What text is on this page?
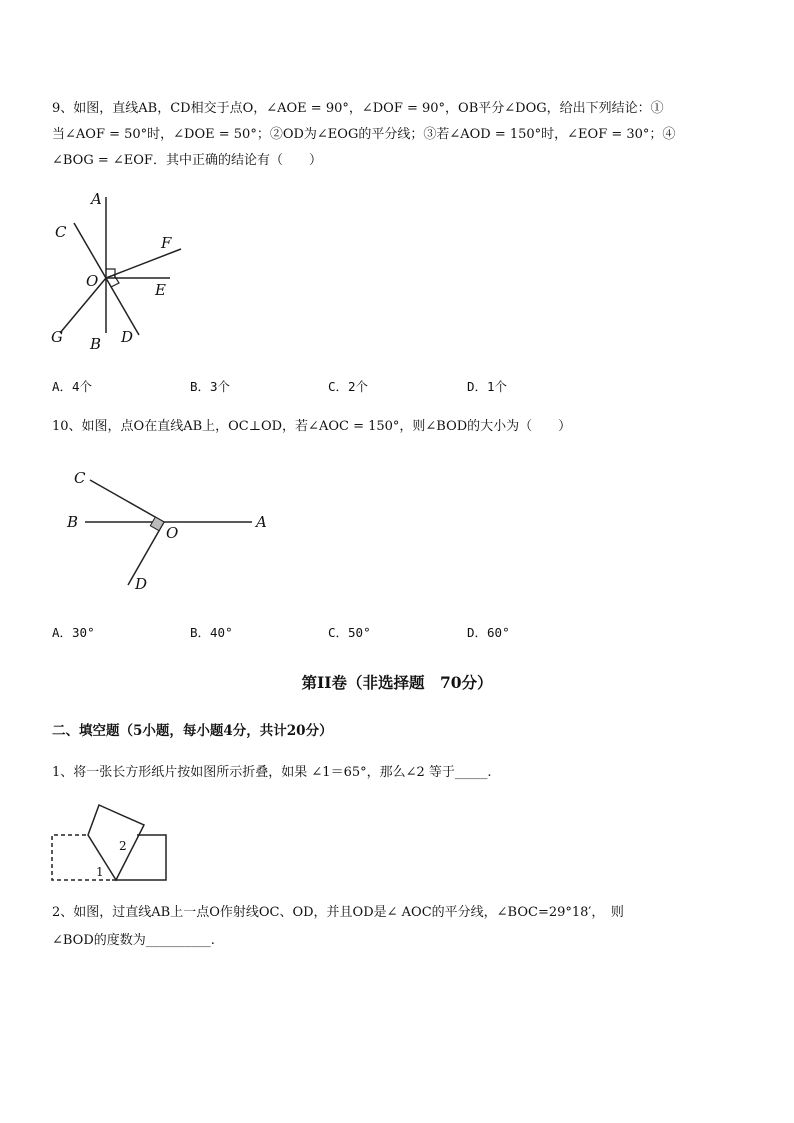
9、如图，直线AB，CD相交于点O，∠AOE = 90°，∠DOF = 90°，OB平分∠DOG，给出下列结论：①
当∠AOF = 50°时，∠DOE = 50°；②OD为∠EOG的平分线；③若∠AOD = 150°时，∠EOF = 30°；④
∠BOG = ∠EOF．其中正确的结论有（　　）
A
C
F
O	E
G B D
A．4个	B．3个	C．2个	D．1个
10、如图，点O在直线AB上，OC⊥OD，若∠AOC = 150°，则∠BOD的大小为（　　）
C
B
O
A
D
A．30°	B．40°	C．50°	D．60°
第II卷（非选择题　70分）
二、填空题（5小题，每小题4分，共计20分）
1、将一张长方形纸片按如图所示折叠，如果 ∠1＝65°，那么∠2 等于_____.
1
2
2、如图，过直线AB上一点O作射线OC、OD，并且OD是∠ AOC的平分线，∠BOC=29°18′，　则
∠BOD的度数为__________.
